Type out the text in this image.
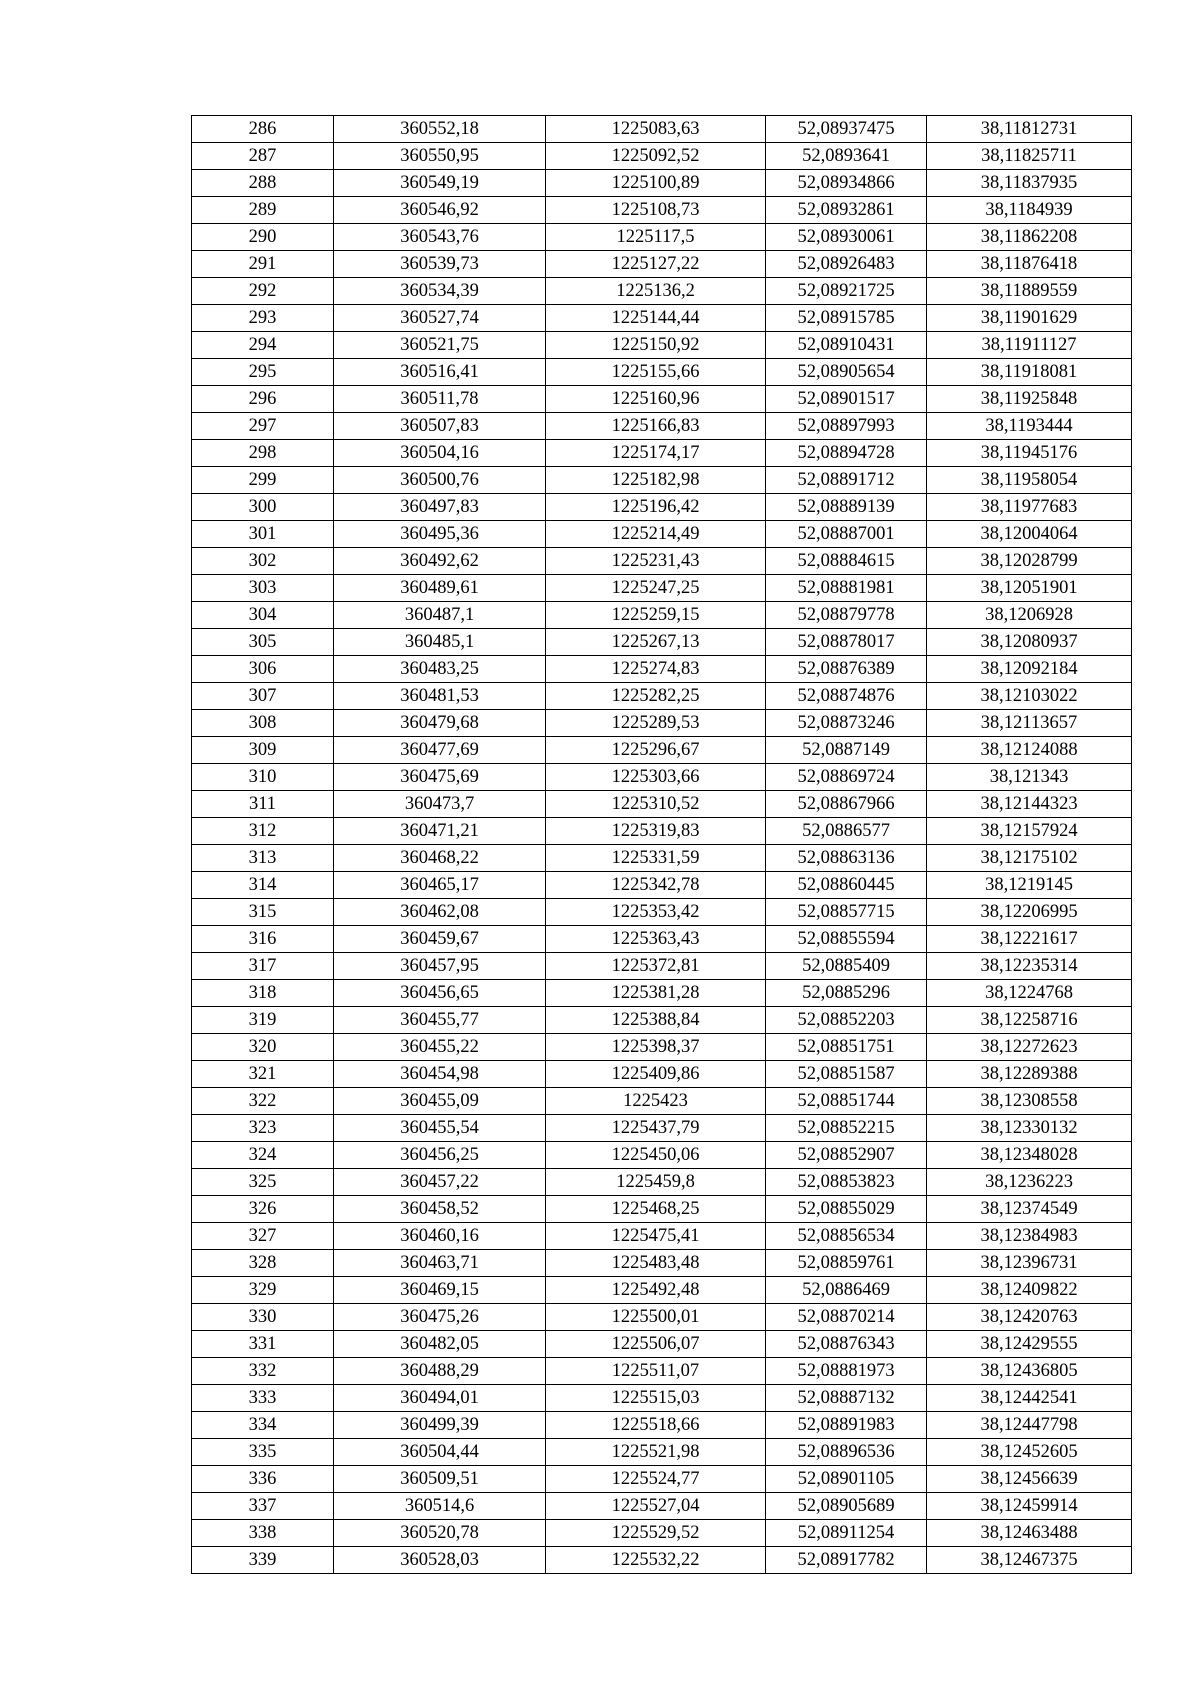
286	360552,18	1225083,63	52,08937475	38,11812731
287	360550,95	1225092,52	52,0893641	38,11825711
288	360549,19	1225100,89	52,08934866	38,11837935
289	360546,92	1225108,73	52,08932861	38,1184939
290	360543,76	1225117,5	52,08930061	38,11862208
291	360539,73	1225127,22	52,08926483	38,11876418
292	360534,39	1225136,2	52,08921725	38,11889559
293	360527,74	1225144,44	52,08915785	38,11901629
294	360521,75	1225150,92	52,08910431	38,11911127
295	360516,41	1225155,66	52,08905654	38,11918081
296	360511,78	1225160,96	52,08901517	38,11925848
297	360507,83	1225166,83	52,08897993	38,1193444
298	360504,16	1225174,17	52,08894728	38,11945176
299	360500,76	1225182,98	52,08891712	38,11958054
300	360497,83	1225196,42	52,08889139	38,11977683
301	360495,36	1225214,49	52,08887001	38,12004064
302	360492,62	1225231,43	52,08884615	38,12028799
303	360489,61	1225247,25	52,08881981	38,12051901
304	360487,1	1225259,15	52,08879778	38,1206928
305	360485,1	1225267,13	52,08878017	38,12080937
306	360483,25	1225274,83	52,08876389	38,12092184
307	360481,53	1225282,25	52,08874876	38,12103022
308	360479,68	1225289,53	52,08873246	38,12113657
309	360477,69	1225296,67	52,0887149	38,12124088
310	360475,69	1225303,66	52,08869724	38,121343
311	360473,7	1225310,52	52,08867966	38,12144323
312	360471,21	1225319,83	52,0886577	38,12157924
313	360468,22	1225331,59	52,08863136	38,12175102
314	360465,17	1225342,78	52,08860445	38,1219145
315	360462,08	1225353,42	52,08857715	38,12206995
316	360459,67	1225363,43	52,08855594	38,12221617
317	360457,95	1225372,81	52,0885409	38,12235314
318	360456,65	1225381,28	52,0885296	38,1224768
319	360455,77	1225388,84	52,08852203	38,12258716
320	360455,22	1225398,37	52,08851751	38,12272623
321	360454,98	1225409,86	52,08851587	38,12289388
322	360455,09	1225423	52,08851744	38,12308558
323	360455,54	1225437,79	52,08852215	38,12330132
324	360456,25	1225450,06	52,08852907	38,12348028
325	360457,22	1225459,8	52,08853823	38,1236223
326	360458,52	1225468,25	52,08855029	38,12374549
327	360460,16	1225475,41	52,08856534	38,12384983
328	360463,71	1225483,48	52,08859761	38,12396731
329	360469,15	1225492,48	52,0886469	38,12409822
330	360475,26	1225500,01	52,08870214	38,12420763
331	360482,05	1225506,07	52,08876343	38,12429555
332	360488,29	1225511,07	52,08881973	38,12436805
333	360494,01	1225515,03	52,08887132	38,12442541
334	360499,39	1225518,66	52,08891983	38,12447798
335	360504,44	1225521,98	52,08896536	38,12452605
336	360509,51	1225524,77	52,08901105	38,12456639
337	360514,6	1225527,04	52,08905689	38,12459914
338	360520,78	1225529,52	52,08911254	38,12463488
339	360528,03	1225532,22	52,08917782	38,12467375
